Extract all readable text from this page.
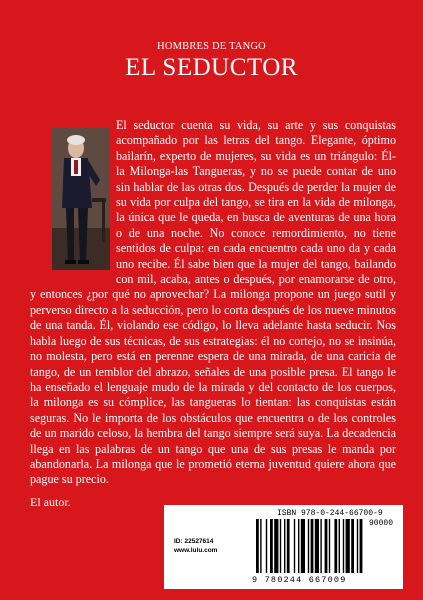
HOMBRES DE TANGO
EL SEDUCTOR

El seductor cuenta su vida, su arte y sus conquistas acompañado por las letras del tango. Elegante, óptimo bailarín, experto de mujeres, su vida es un triángulo: Él-la Milonga-las Tangueras, y no se puede contar de uno sin hablar de las otras dos. Después de perder la mujer de su vida por culpa del tango, se tira en la vida de milonga, la única que le queda, en busca de aventuras de una hora o de una noche. No conoce remordimiento, no tiene sentidos de culpa: en cada encuentro cada uno da y cada uno recibe. Él sabe bien que la mujer del tango, bailando con mil, acaba, antes o después, por enamorarse de otro, y entonces ¿por qué no aprovechar? La milonga propone un juego sutil y perverso directo a la seducción, pero lo corta después de los nueve minutos de una tanda. Él, violando ese código, lo lleva adelante hasta seducir. Nos habla luego de sus técnicas, de sus estrategias: él no cortejo, no se insinúa, no molesta, pero está en perenne espera de una mirada, de una caricia de tango, de un temblor del abrazo, señales de una posible presa. El tango le ha enseñado el lenguaje mudo de la mirada y del contacto de los cuerpos, la milonga es su cómplice, las tangueras lo tientan: las conquistas están seguras. No le importa de los obstáculos que encuentra o de los controles de un marido celoso, la hembra del tango siempre será suya. La decadencia llega en las palabras de un tango que una de sus presas le manda por abandonarla. La milonga que le prometió eterna juventud quiere ahora que pague su precio.

El autor.
ISBN 978-0-244-66700-9
90000
ID: 22527614
www.lulu.com
9 780244 667009
